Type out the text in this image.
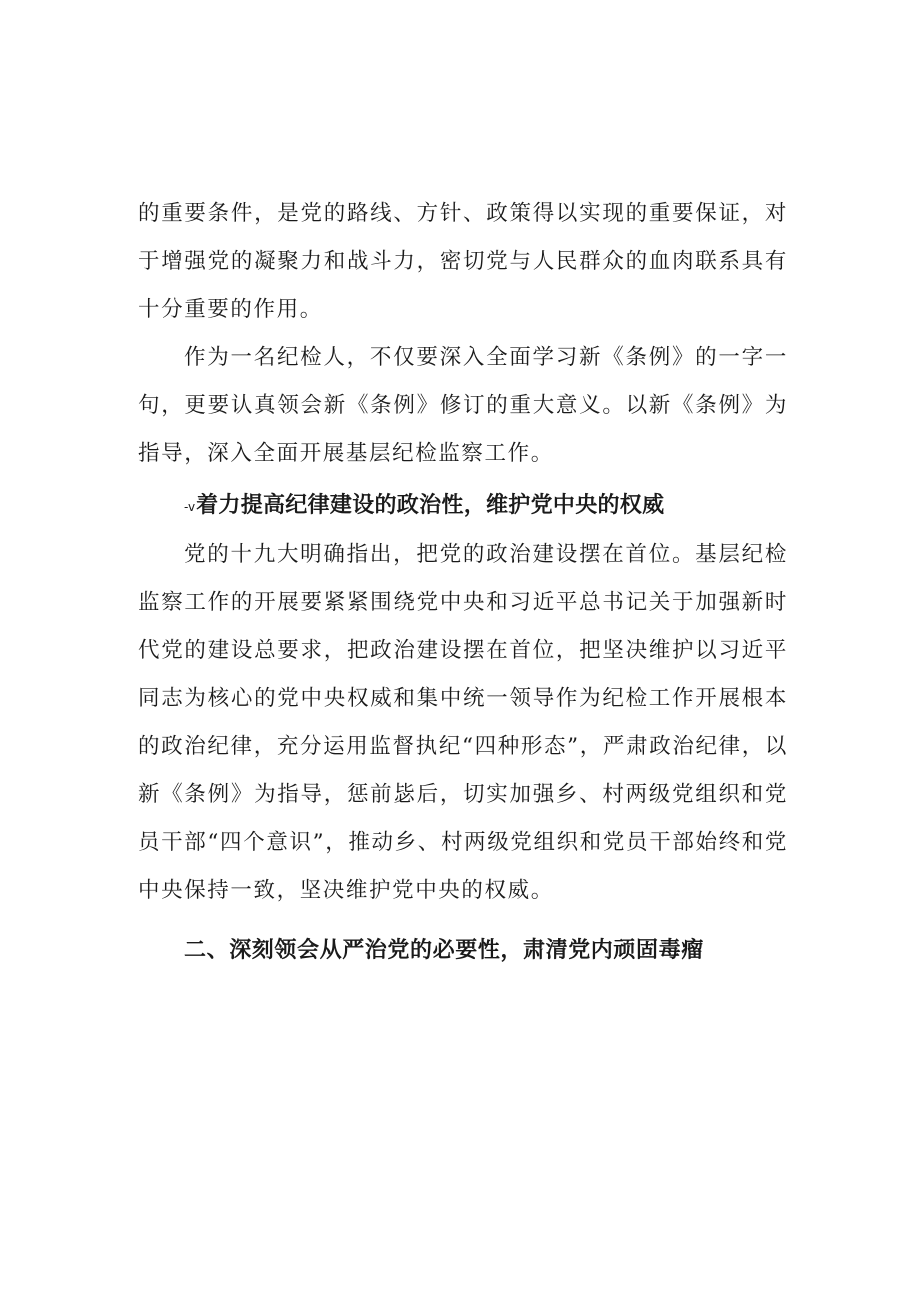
的重要条件，是党的路线、方针、政策得以实现的重要保证，对于增强党的凝聚力和战斗力，密切党与人民群众的血肉联系具有十分重要的作用。

作为一名纪检人，不仅要深入全面学习新《条例》的一字一句，更要认真领会新《条例》修订的重大意义。以新《条例》为指导，深入全面开展基层纪检监察工作。

-v着力提高纪律建设的政治性，维护党中央的权威

党的十九大明确指出，把党的政治建设摆在首位。基层纪检监察工作的开展要紧紧围绕党中央和习近平总书记关于加强新时代党的建设总要求，把政治建设摆在首位，把坚决维护以习近平同志为核心的党中央权威和集中统一领导作为纪检工作开展根本的政治纪律，充分运用监督执纪“四种形态”，严肃政治纪律，以新《条例》为指导，惩前毖后，切实加强乡、村两级党组织和党员干部“四个意识”，推动乡、村两级党组织和党员干部始终和党中央保持一致，坚决维护党中央的权威。

二、深刻领会从严治党的必要性，肃清党内顽固毒瘤
